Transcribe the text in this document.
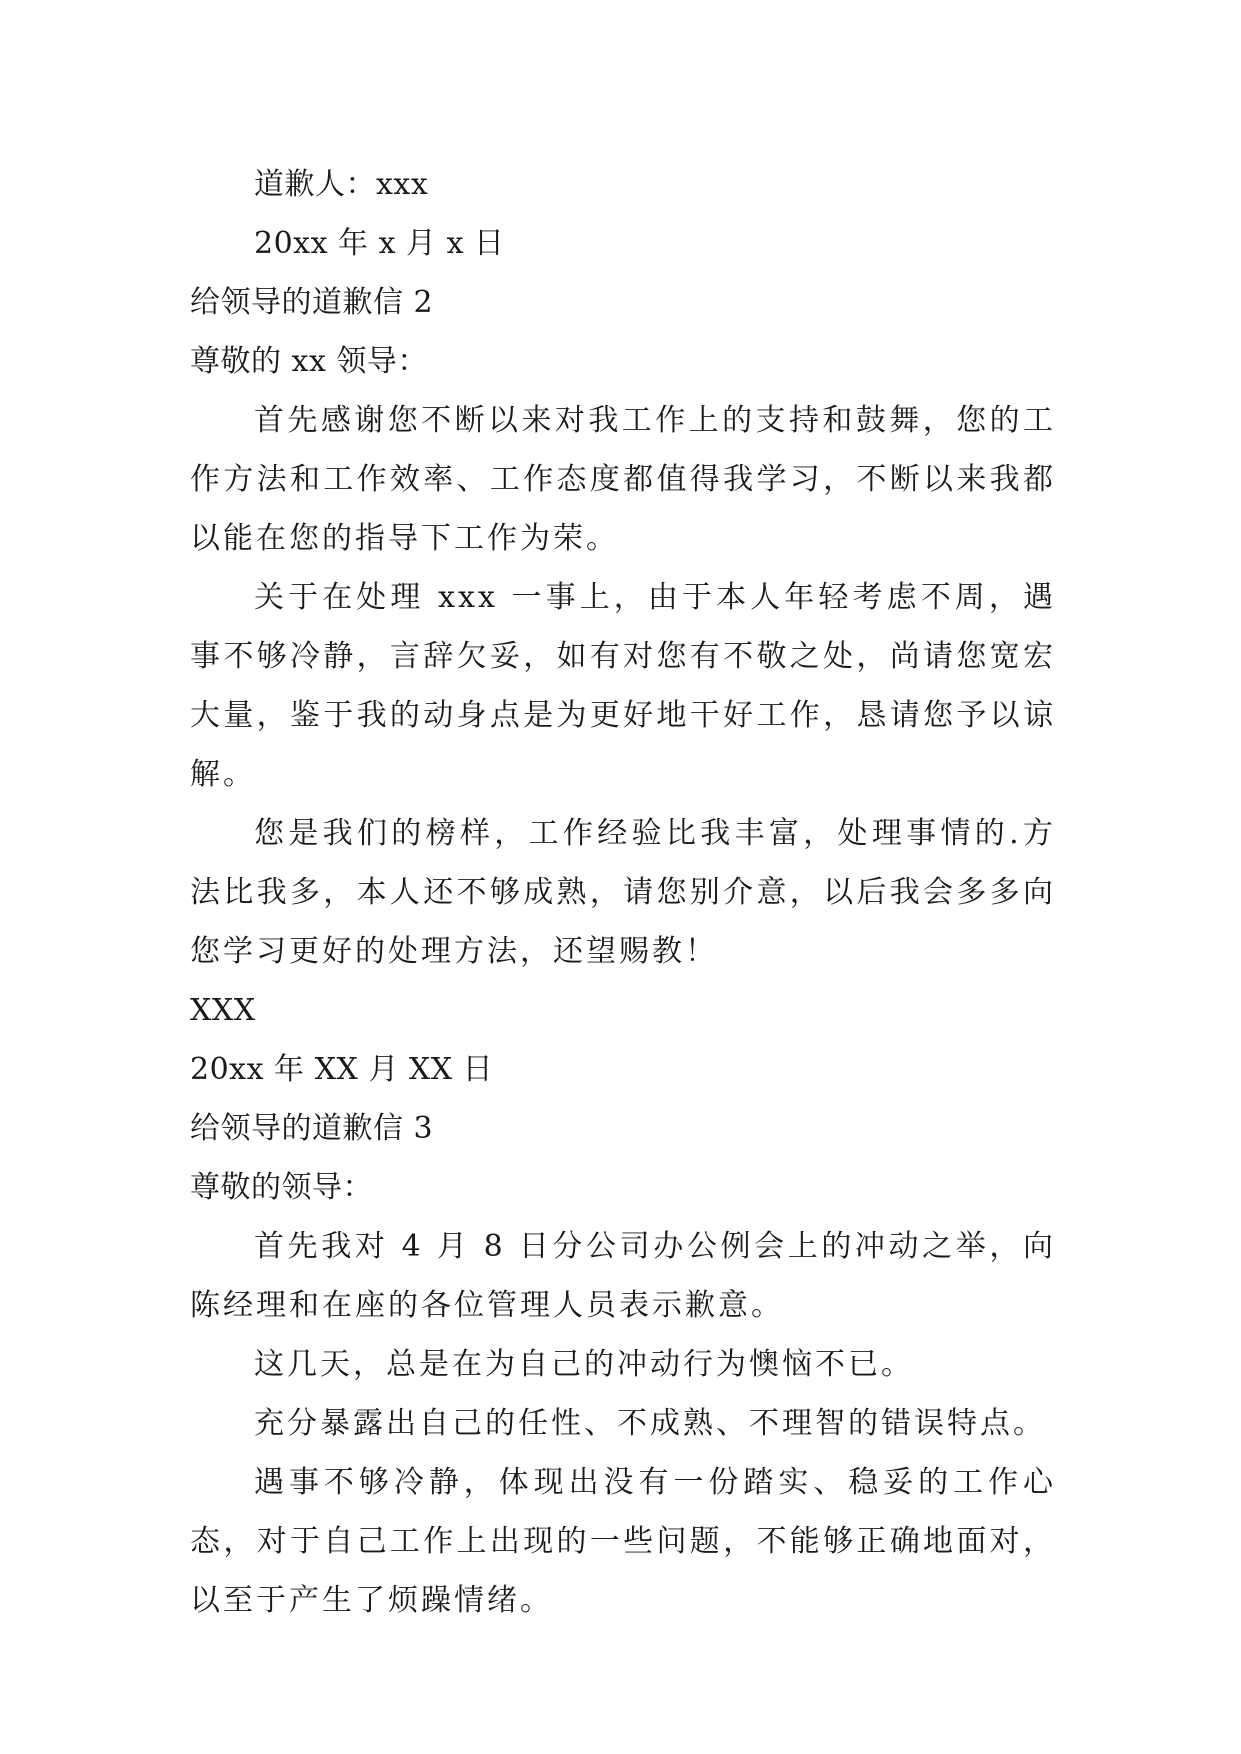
道歉人：xxx
20xx 年 x 月 x 日
给领导的道歉信 2
尊敬的 xx 领导：

首先感谢您不断以来对我工作上的支持和鼓舞，您的工作方法和工作效率、工作态度都值得我学习，不断以来我都以能在您的指导下工作为荣。

关于在处理 xxx 一事上，由于本人年轻考虑不周，遇事不够冷静，言辞欠妥，如有对您有不敬之处，尚请您宽宏大量，鉴于我的动身点是为更好地干好工作，恳请您予以谅解。

您是我们的榜样，工作经验比我丰富，处理事情的.方法比我多，本人还不够成熟，请您别介意，以后我会多多向您学习更好的处理方法，还望赐教！

XXX
20xx 年 XX 月 XX 日
给领导的道歉信 3
尊敬的领导：

首先我对 4 月 8 日分公司办公例会上的冲动之举，向陈经理和在座的各位管理人员表示歉意。

这几天，总是在为自己的冲动行为懊恼不已。

充分暴露出自己的任性、不成熟、不理智的错误特点。

遇事不够冷静，体现出没有一份踏实、稳妥的工作心态，对于自己工作上出现的一些问题，不能够正确地面对，以至于产生了烦躁情绪。
